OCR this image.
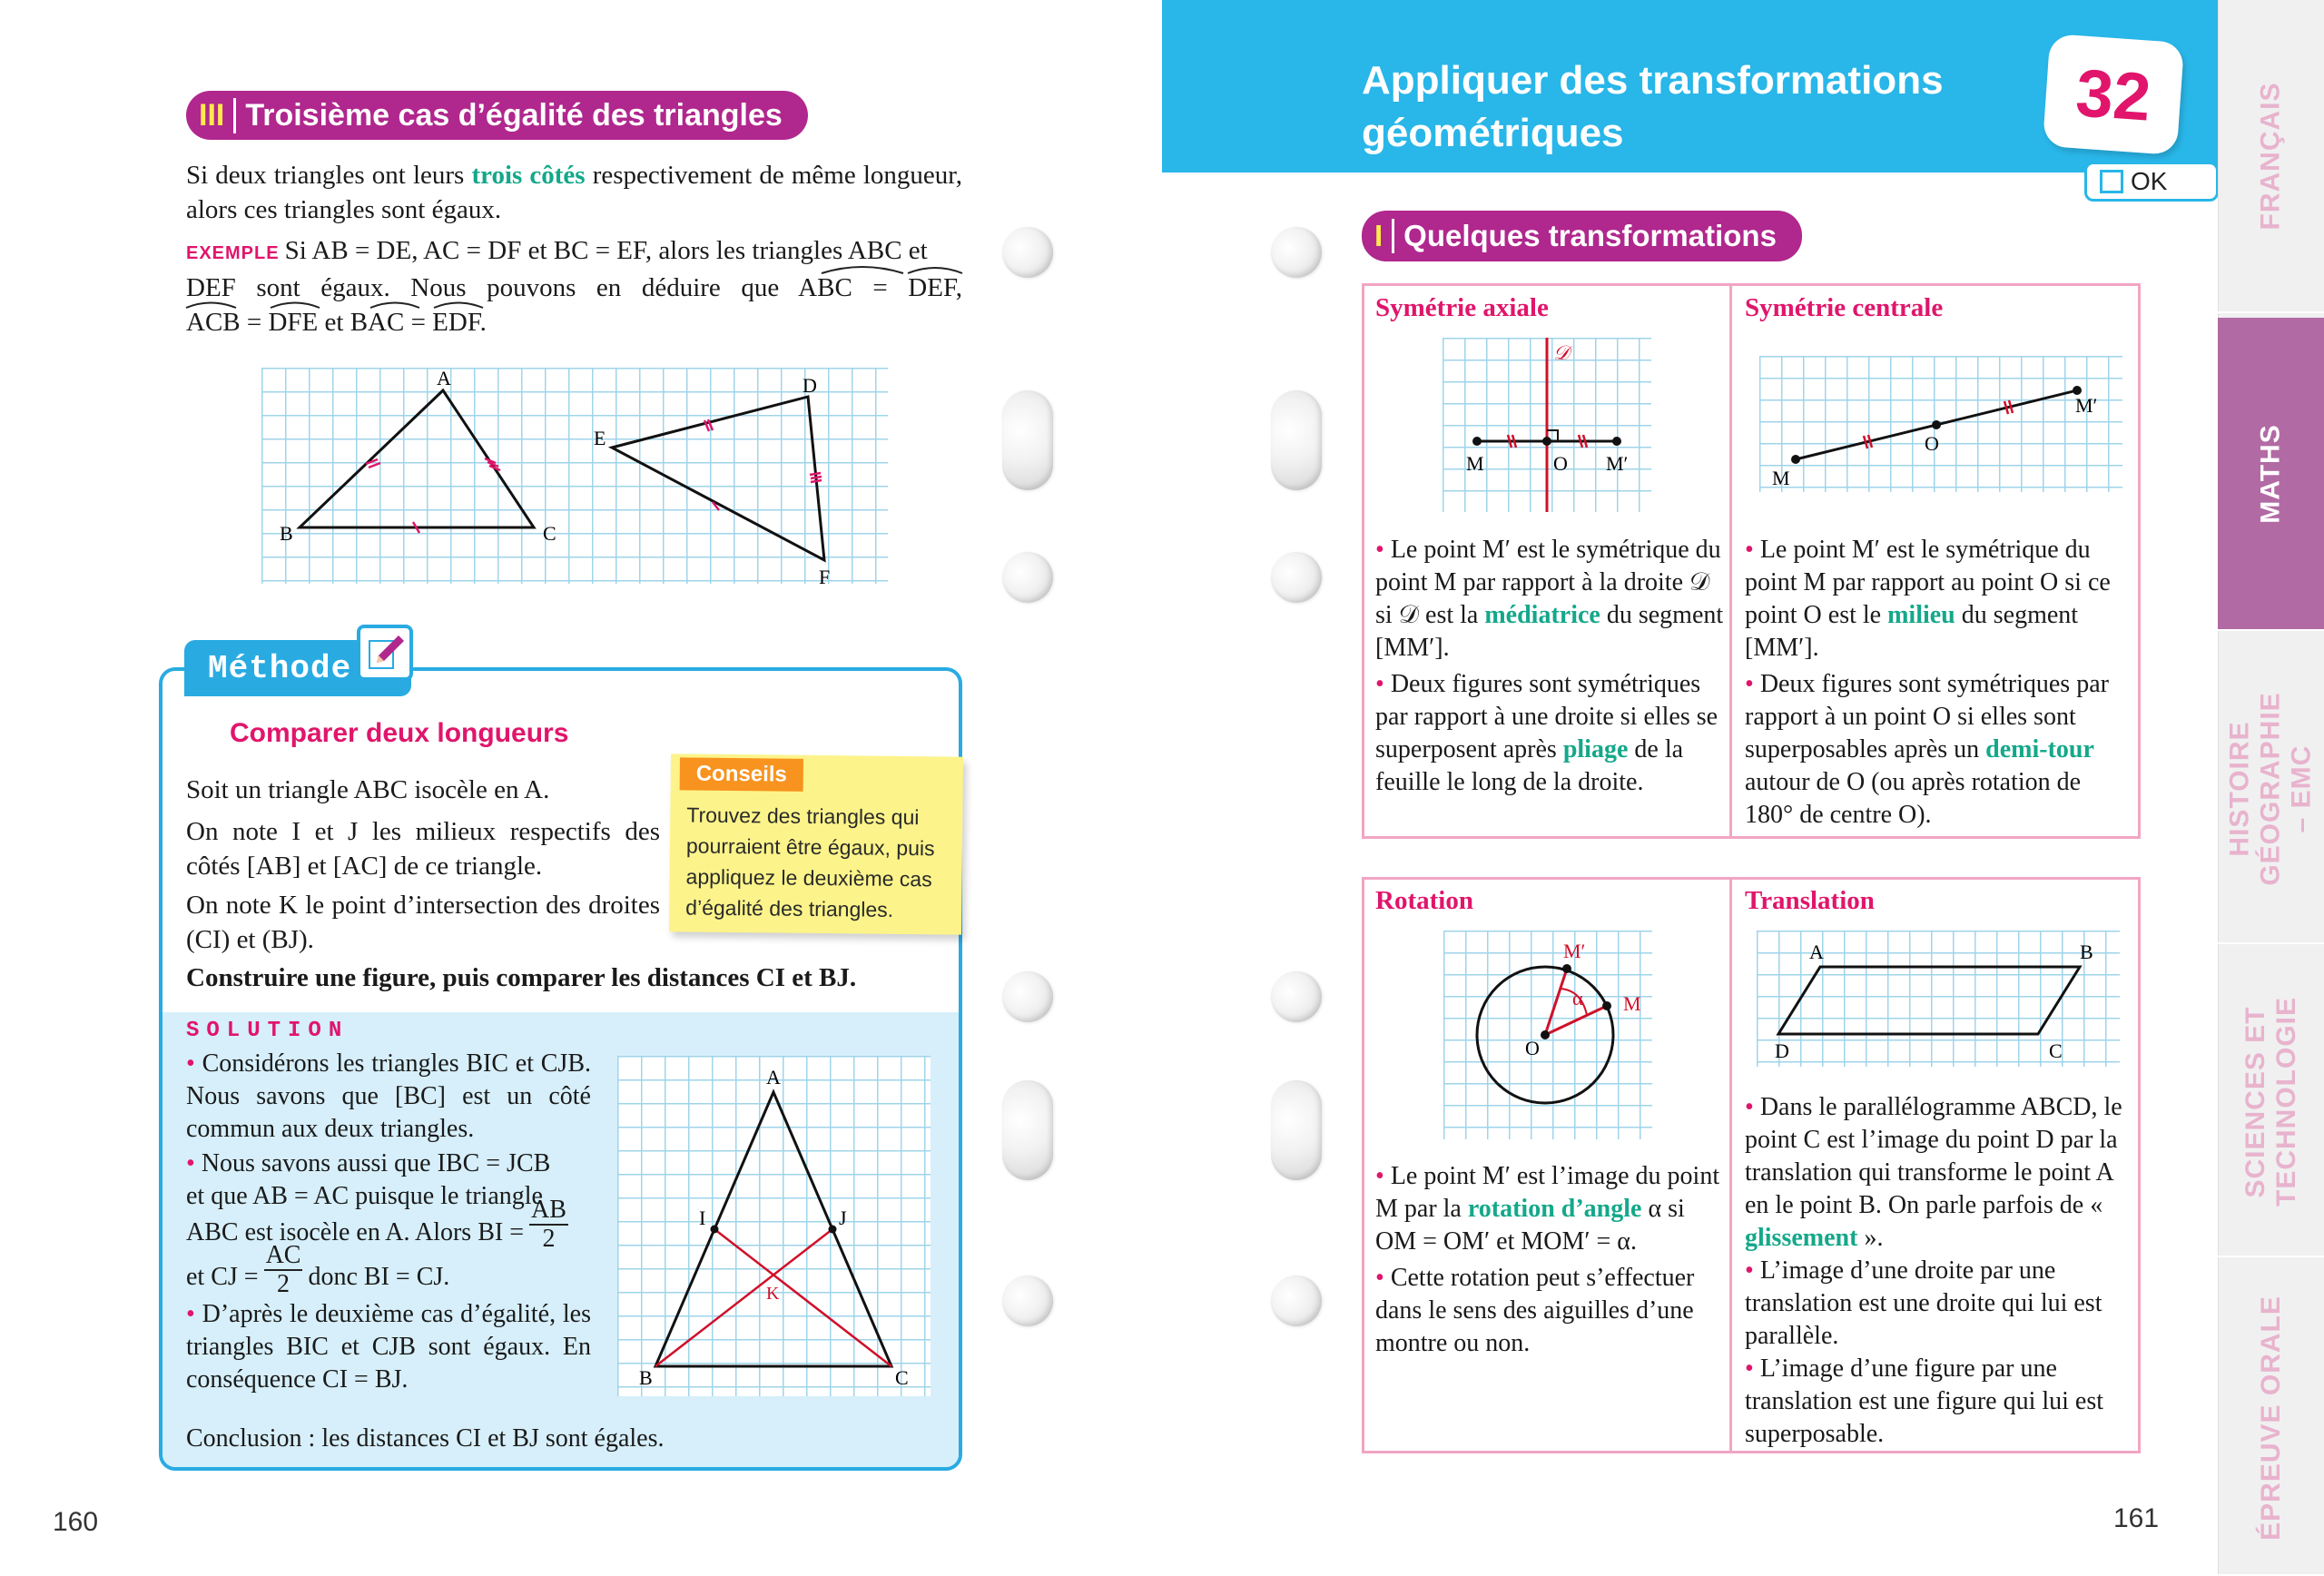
III Troisième cas d’égalité des triangles
Si deux triangles ont leurs trois côtés respectivement de même longueur, alors ces triangles sont égaux.
EXEMPLE Si AB = DE, AC = DF et BC = EF, alors les triangles ABC et
DEF sont égaux. Nous pouvons en déduire que ABC = DEF,
ACB = DFE et BAC = EDF.
A
B	C
D
E
F
Méthode
Comparer deux longueurs
Soit un triangle ABC isocèle en A.
On note I et J les milieux respectifs des côtés [AB] et [AC] de ce triangle.
On note K le point d’intersection des droites (CI) et (BJ).
Construire une figure, puis comparer les distances CI et BJ.
Conseils
Trouvez des triangles qui pourraient être égaux, puis appliquez le deuxième cas d’égalité des triangles.
SOLUTION
• Considérons les triangles BIC et CJB. Nous savons que [BC] est un côté commun aux deux triangles.
• Nous savons aussi que IBC = JCB
et que AB = AC puisque le triangle
ABC est isocèle en A. Alors BI = $\frac{AB}{2}$
et CJ = $\frac{AC}{2}$ donc BI = CJ.
• D’après le deuxième cas d’égalité, les triangles BIC et CJB sont égaux. En conséquence CI = BJ.
Conclusion : les distances CI et BJ sont égales.
A
B	C
I	J
K
160
Appliquer des transformations géométriques	32
OK
I Quelques transformations
Symétrie axiale
𝒟
M	O M′
• Le point M′ est le symétrique du point M par rapport à la droite 𝒟 si 𝒟 est la médiatrice du segment [MM′].
• Deux figures sont symétriques par rapport à une droite si elles se superposent après pliage de la feuille le long de la droite.
Symétrie centrale
M
O
M′
• Le point M′ est le symétrique du point M par rapport au point O si ce point O est le milieu du segment [MM′].
• Deux figures sont symétriques par rapport à un point O si elles sont superposables après un demi-tour autour de O (ou après rotation de 180° de centre O).
Rotation
M′
M
O
α
• Le point M′ est l’image du point M par la rotation d’angle α si OM = OM′ et MOM′ = α.
• Cette rotation peut s’effectuer dans le sens des aiguilles d’une montre ou non.
Translation
A	B
C
D
• Dans le parallélogramme ABCD, le point C est l’image du point D par la translation qui transforme le point A en le point B. On parle parfois de « glissement ».
• L’image d’une droite par une translation est une droite qui lui est parallèle.
• L’image d’une figure par une translation est une figure qui lui est superposable.
161
FRANÇAIS
MATHS
HISTOIRE GÉOGRAPHIE – EMC
SCIENCES ET TECHNOLOGIE
ÉPREUVE ORALE
